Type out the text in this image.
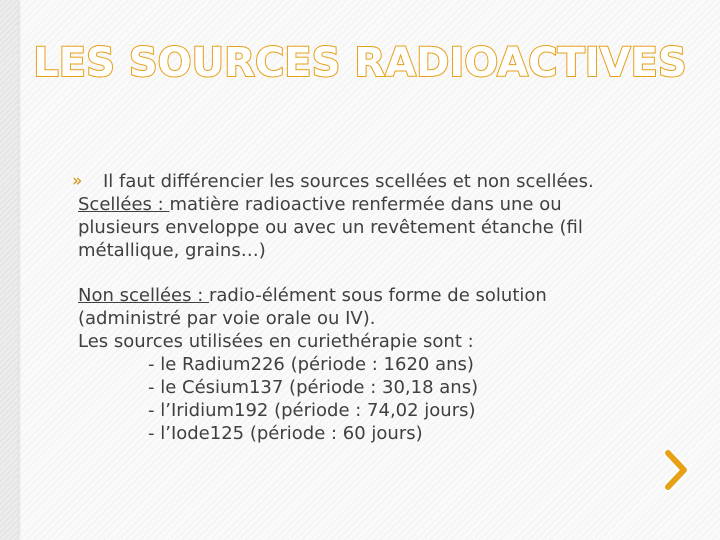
LES SOURCES RADIOACTIVES

» Il faut différencier les sources scellées et non scellées.

Scellées : matière radioactive renfermée dans une ou plusieurs enveloppe ou avec un revêtement étanche (fil métallique, grains…)

Non scellées : radio-élément sous forme de solution (administré par voie orale ou IV).

Les sources utilisées en curiethérapie sont :

- le Radium226 (période : 1620 ans)

- le Césium137 (période : 30,18 ans)

- l’Iridium192 (période : 74,02 jours)

- l’Iode125 (période : 60 jours)
